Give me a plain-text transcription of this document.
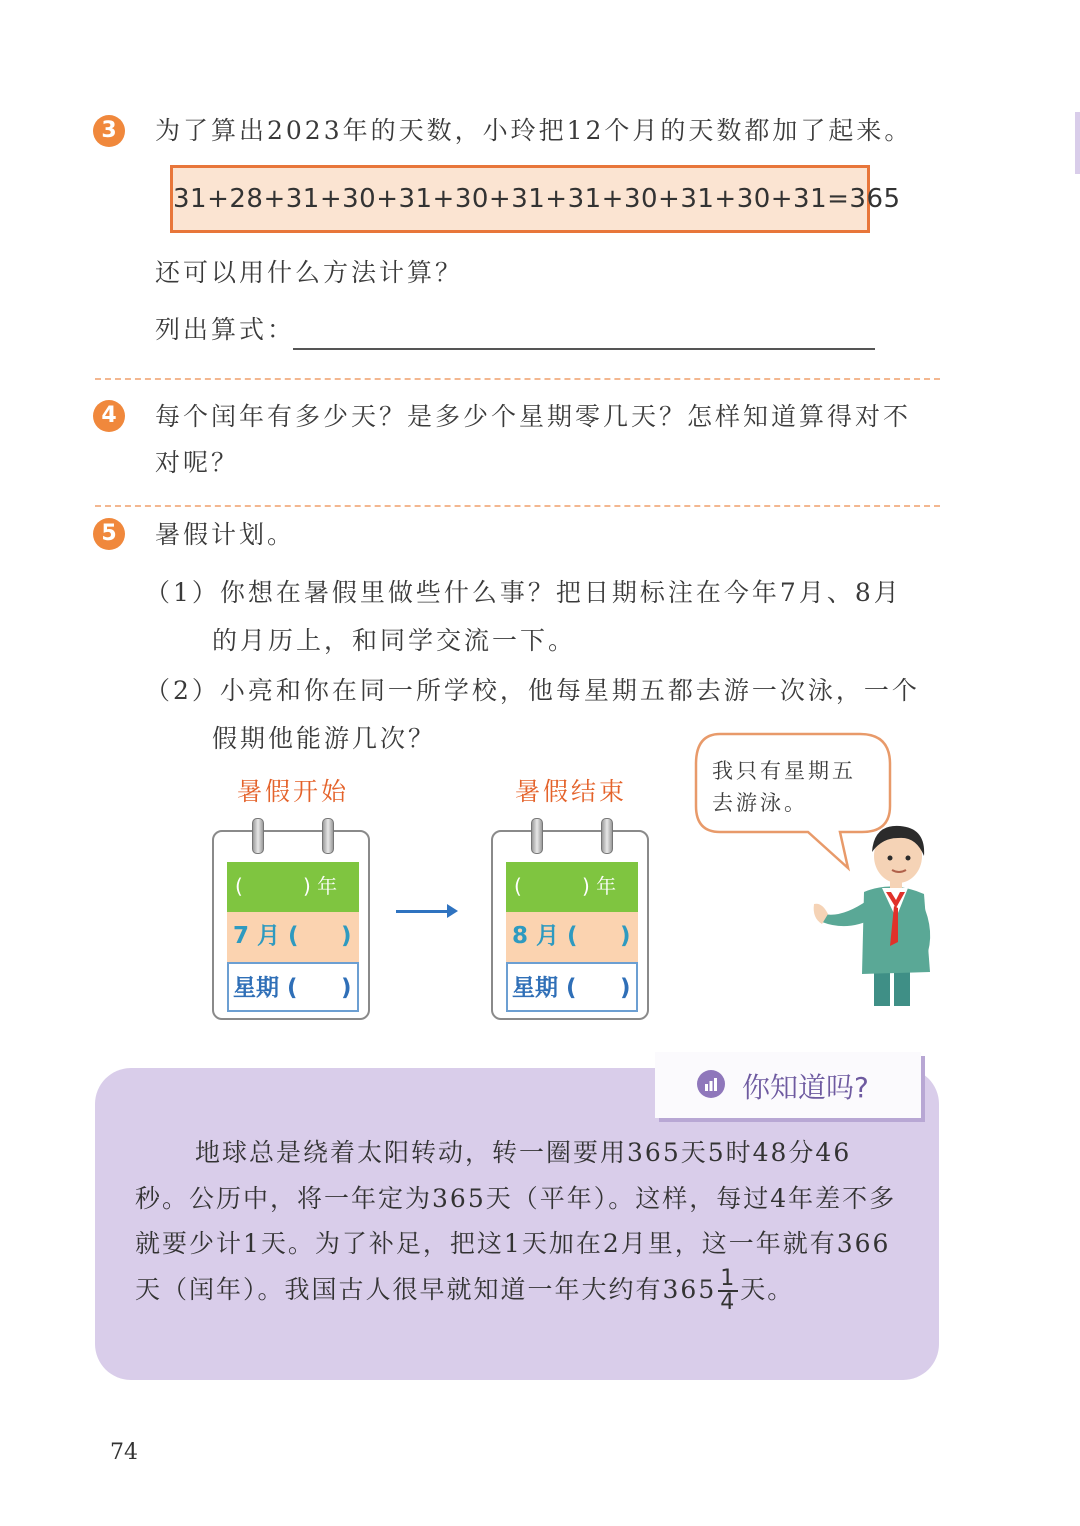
3	为了算出2023年的天数，小玲把12个月的天数都加了起来。
31+28+31+30+31+30+31+31+30+31+30+31=365
还可以用什么方法计算？
列出算式：
4	每个闰年有多少天？是多少个星期零几天？怎样知道算得对不
对呢？
5	暑假计划。
（1）你想在暑假里做些什么事？把日期标注在今年7月、8月
的月历上，和同学交流一下。
（2）小亮和你在同一所学校，他每星期五都去游一次泳，一个
假期他能游几次？
暑假开始	暑假结束
(	) 年
7 月 ( )
星期 ( )
(	) 年
8 月 ( )
星期 ( )
我只有星期五
去游泳。
你知道吗?
地球总是绕着太阳转动，转一圈要用365天5时48分46秒。公历中，将一年定为365天（平年）。这样，每过4年差不多就要少计1天。为了补足，把这1天加在2月里，这一年就有366天（闰年）。我国古人很早就知道一年大约有$365 \frac{1}{4}$ 天。
74
